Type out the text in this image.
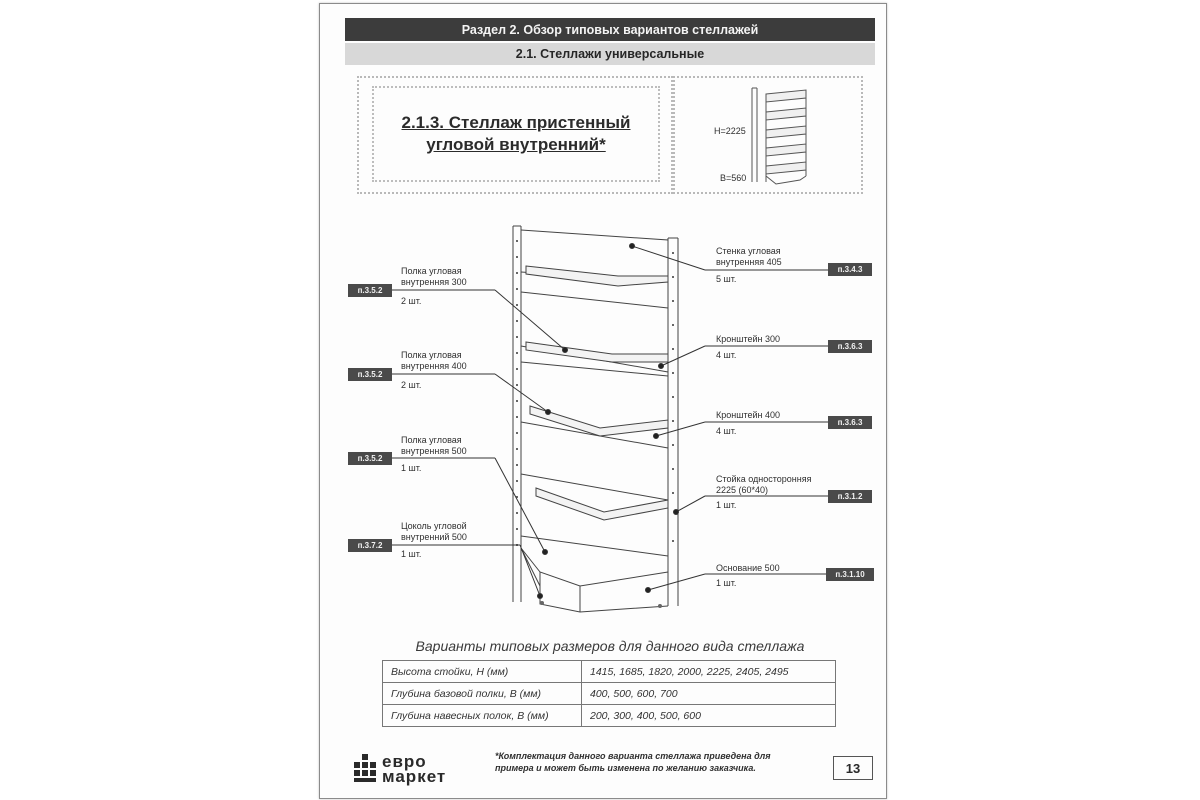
Раздел 2. Обзор типовых вариантов стеллажей
2.1. Стеллажи универсальные
2.1.3. Стеллаж пристенный
угловой внутренний*
H=2225
B=560
п.3.5.2
Полка угловая
внутренняя 300
2 шт.
п.3.5.2
Полка угловая
внутренняя 400
2 шт.
п.3.5.2
Полка угловая
внутренняя 500
1 шт.
п.3.7.2
Цоколь угловой
внутренний 500
1 шт.
Стенка угловая
внутренняя 405
5 шт.
п.3.4.3
Кронштейн 300
4 шт.
п.3.6.3
Кронштейн 400
4 шт.
п.3.6.3
Стойка односторонняя
2225 (60*40)
1 шт.
п.3.1.2
Основание 500
1 шт.
п.3.1.10
Варианты типовых размеров для данного вида стеллажа
Высота стойки, H (мм)	1415, 1685, 1820, 2000, 2225, 2405, 2495
Глубина базовой полки, B (мм)	400, 500, 600, 700
Глубина навесных полок, B (мм)	200, 300, 400, 500, 600
евро
маркет
*Комплектация данного варианта стеллажа приведена для
примера и может быть изменена по желанию заказчика.	13
